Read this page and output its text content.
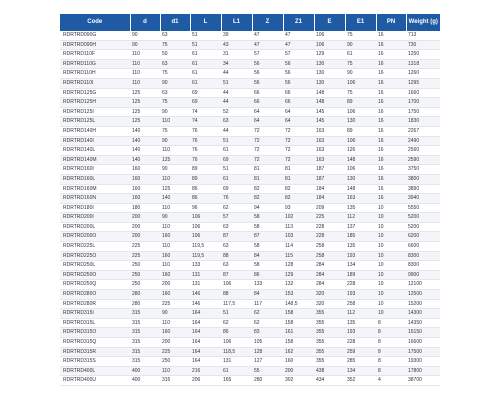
Code	d	d1	L	L1	Z	Z1	E	E1	PN	Weight (g)
RDRTRD090G	90	63	51	39	47	47	106	75	16	713
RDRTRD090H	90	75	51	43	47	47	106	90	16	730
RDRTRD110F	110	50	61	31	57	57	129	61	16	1250
RDRTRD110G	110	63	61	34	56	56	130	75	16	1318
RDRTRD110H	110	75	61	44	56	56	130	90	16	1260
RDRTRD110I	110	90	61	51	56	56	130	106	16	1295
RDRTRD125G	125	63	69	44	66	66	148	75	16	1660
RDRTRD125H	125	75	69	44	66	66	148	89	16	1700
RDRTRD125I	125	90	74	52	64	64	145	106	16	1750
RDRTRD125L	125	110	74	63	64	64	145	130	16	1830
RDRTRD140H	140	75	76	44	72	72	163	89	16	2267
RDRTRD140I	140	90	76	51	72	72	163	106	16	2490
RDRTRD140L	140	110	76	61	72	72	163	126	16	2560
RDRTRD140M	140	125	76	69	72	72	163	148	16	2590
RDRTRD160I	160	90	89	51	81	81	187	106	16	3750
RDRTRD160L	160	110	89	61	81	81	187	130	16	3800
RDRTRD160M	160	125	86	69	82	82	184	148	16	3890
RDRTRD160N	160	140	86	76	82	82	184	163	16	3940
RDRTRD180I	180	110	96	62	94	93	209	135	10	5550
RDRTRD200I	200	90	106	57	58	102	225	112	10	5200
RDRTRD200L	200	110	106	63	58	113	228	137	10	5200
RDRTRD200O	200	160	106	87	87	103	228	185	10	6200
RDRTRD225L	225	110	119,5	63	58	114	258	135	10	6600
RDRTRD225O	225	160	119,5	88	84	115	258	193	10	8300
RDRTRD250L	250	110	133	63	58	128	284	134	10	8300
RDRTRD250O	250	160	131	87	86	129	284	189	10	9900
RDRTRD250Q	250	200	131	106	133	132	284	228	10	12100
RDRTRD280O	280	160	146	88	84	153	320	193	10	12500
RDRTRD280R	280	225	146	117,5	117	148,5	320	258	10	15200
RDRTRD315I	315	90	164	51	62	158	355	112	10	14300
RDRTRD315L	315	110	164	62	62	158	355	135	8	14350
RDRTRD315O	315	160	164	86	83	161	355	193	8	15150
RDRTRD315Q	315	200	164	106	105	158	355	228	8	16600
RDRTRD315R	315	225	164	118,5	128	162	355	259	8	17500
RDRTRD315S	315	250	164	131	127	160	355	285	8	19300
RDRTRD400L	400	110	216	61	55	200	438	134	8	17800
RDRTRD400U	400	315	206	165	280	302	434	352	4	38700
